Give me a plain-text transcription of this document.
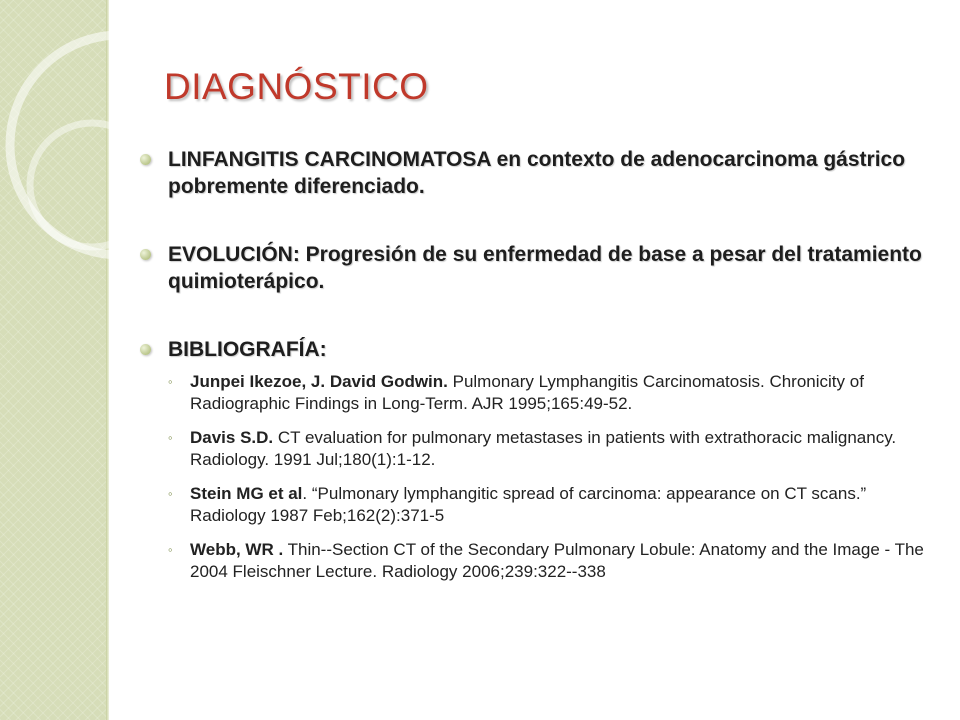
DIAGNÓSTICO
LINFANGITIS CARCINOMATOSA en contexto de adenocarcinoma gástrico pobremente diferenciado.
EVOLUCIÓN: Progresión de su enfermedad de base a pesar del tratamiento quimioterápico.
BIBLIOGRAFÍA:
◦ Junpei Ikezoe, J. David Godwin. Pulmonary Lymphangitis Carcinomatosis. Chronicity of Radiographic Findings in Long-Term. AJR 1995;165:49-52.
◦ Davis S.D. CT evaluation for pulmonary metastases in patients with extrathoracic malignancy. Radiology. 1991 Jul;180(1):1-12.
◦ Stein MG et al. “Pulmonary lymphangitic spread of carcinoma: appearance on CT scans.” Radiology 1987 Feb;162(2):371-5
◦ Webb, WR . Thin--Section CT of the Secondary Pulmonary Lobule: Anatomy and the Image - The 2004 Fleischner Lecture. Radiology 2006;239:322--338
